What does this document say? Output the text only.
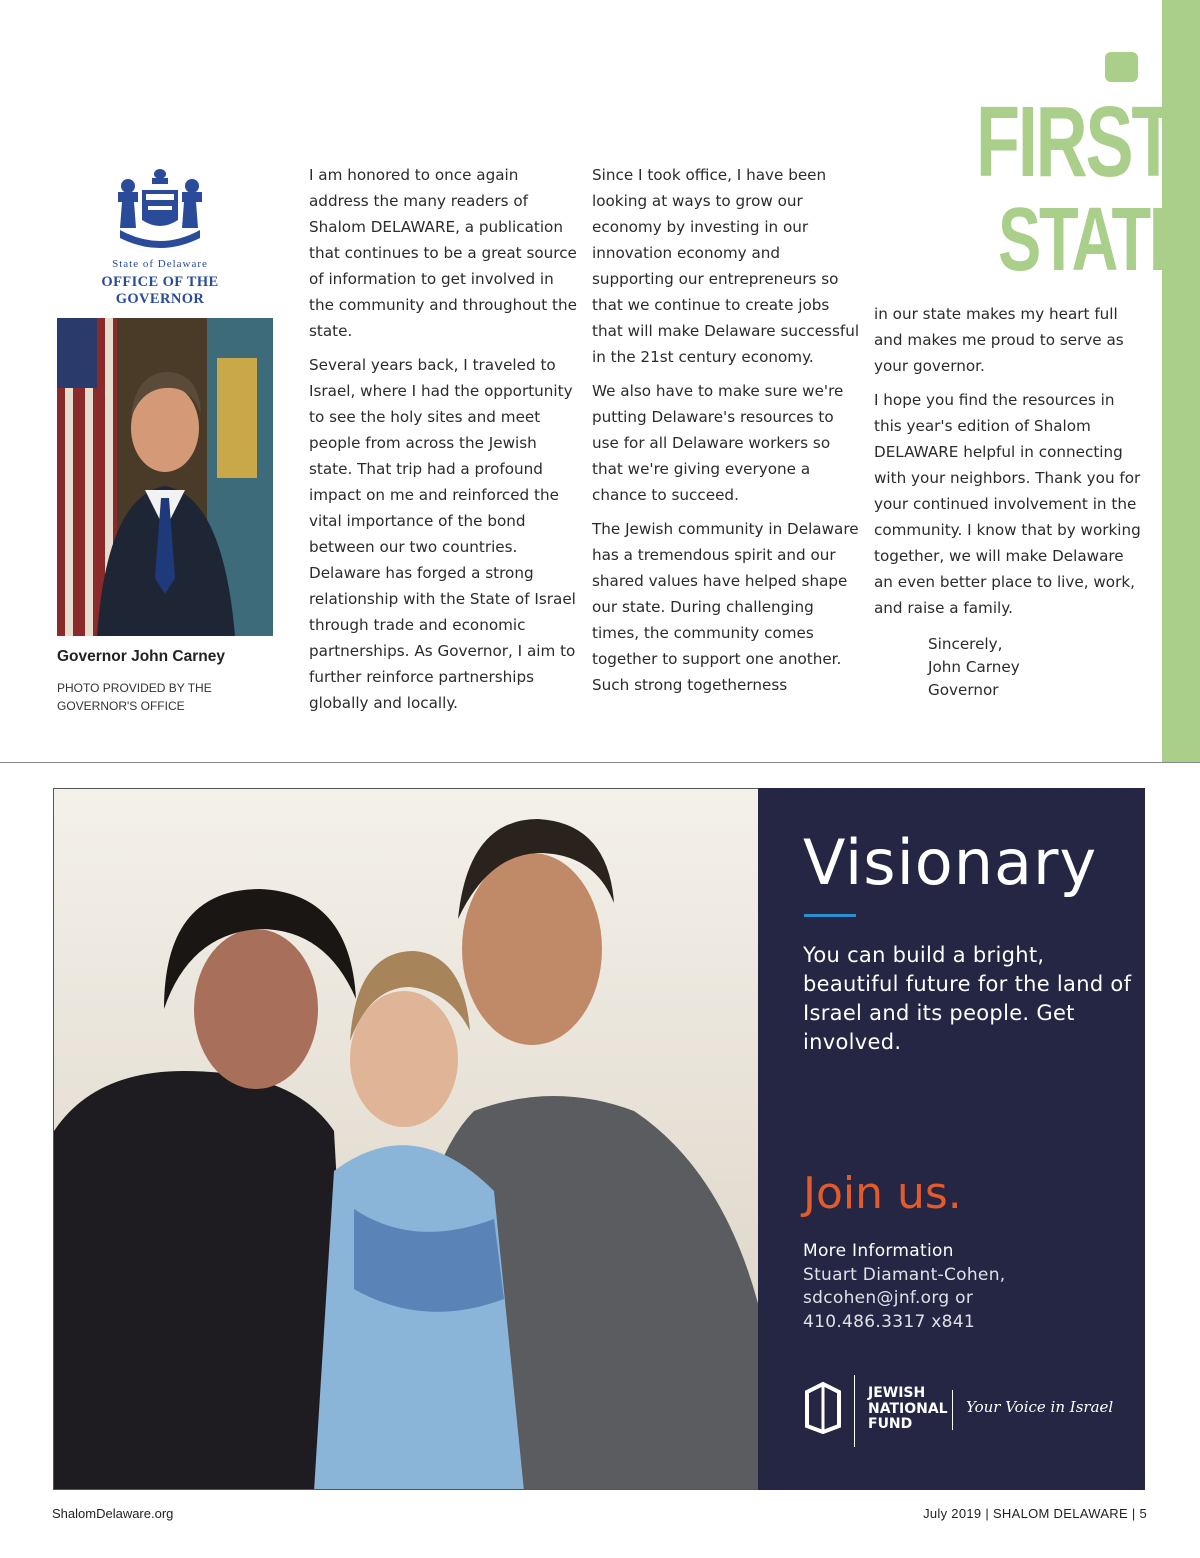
FIRST
STATE
State of Delaware
OFFICE OF THE GOVERNOR
Governor John Carney
PHOTO PROVIDED BY THE GOVERNOR'S OFFICE

I am honored to once again address the many readers of Shalom DELAWARE, a publication that continues to be a great source of information to get involved in the community and throughout the state.

Several years back, I traveled to Israel, where I had the opportunity to see the holy sites and meet people from across the Jewish state. That trip had a profound impact on me and reinforced the vital importance of the bond between our two countries. Delaware has forged a strong relationship with the State of Israel through trade and economic partnerships. As Governor, I aim to further reinforce partnerships globally and locally.

Since I took office, I have been looking at ways to grow our economy by investing in our innovation economy and supporting our entrepreneurs so that we continue to create jobs that will make Delaware successful in the 21st century economy.

We also have to make sure we're putting Delaware's resources to use for all Delaware workers so that we're giving everyone a chance to succeed.

The Jewish community in Delaware has a tremendous spirit and our shared values have helped shape our state. During challenging times, the community comes together to support one another. Such strong togetherness

in our state makes my heart full and makes me proud to serve as your governor.

I hope you find the resources in this year's edition of Shalom DELAWARE helpful in connecting with your neighbors. Thank you for your continued involvement in the community. I know that by working together, we will make Delaware an even better place to live, work, and raise a family.

Sincerely,
John Carney
Governor
Visionary
You can build a bright, beautiful future for the land of Israel and its people. Get involved.
Join us.
More Information
Stuart Diamant-Cohen,
sdcohen@jnf.org or
410.486.3317 x841
JEWISH
NATIONAL
FUND
Your Voice in Israel
ShalomDelaware.org	July 2019 | SHALOM DELAWARE | 5
